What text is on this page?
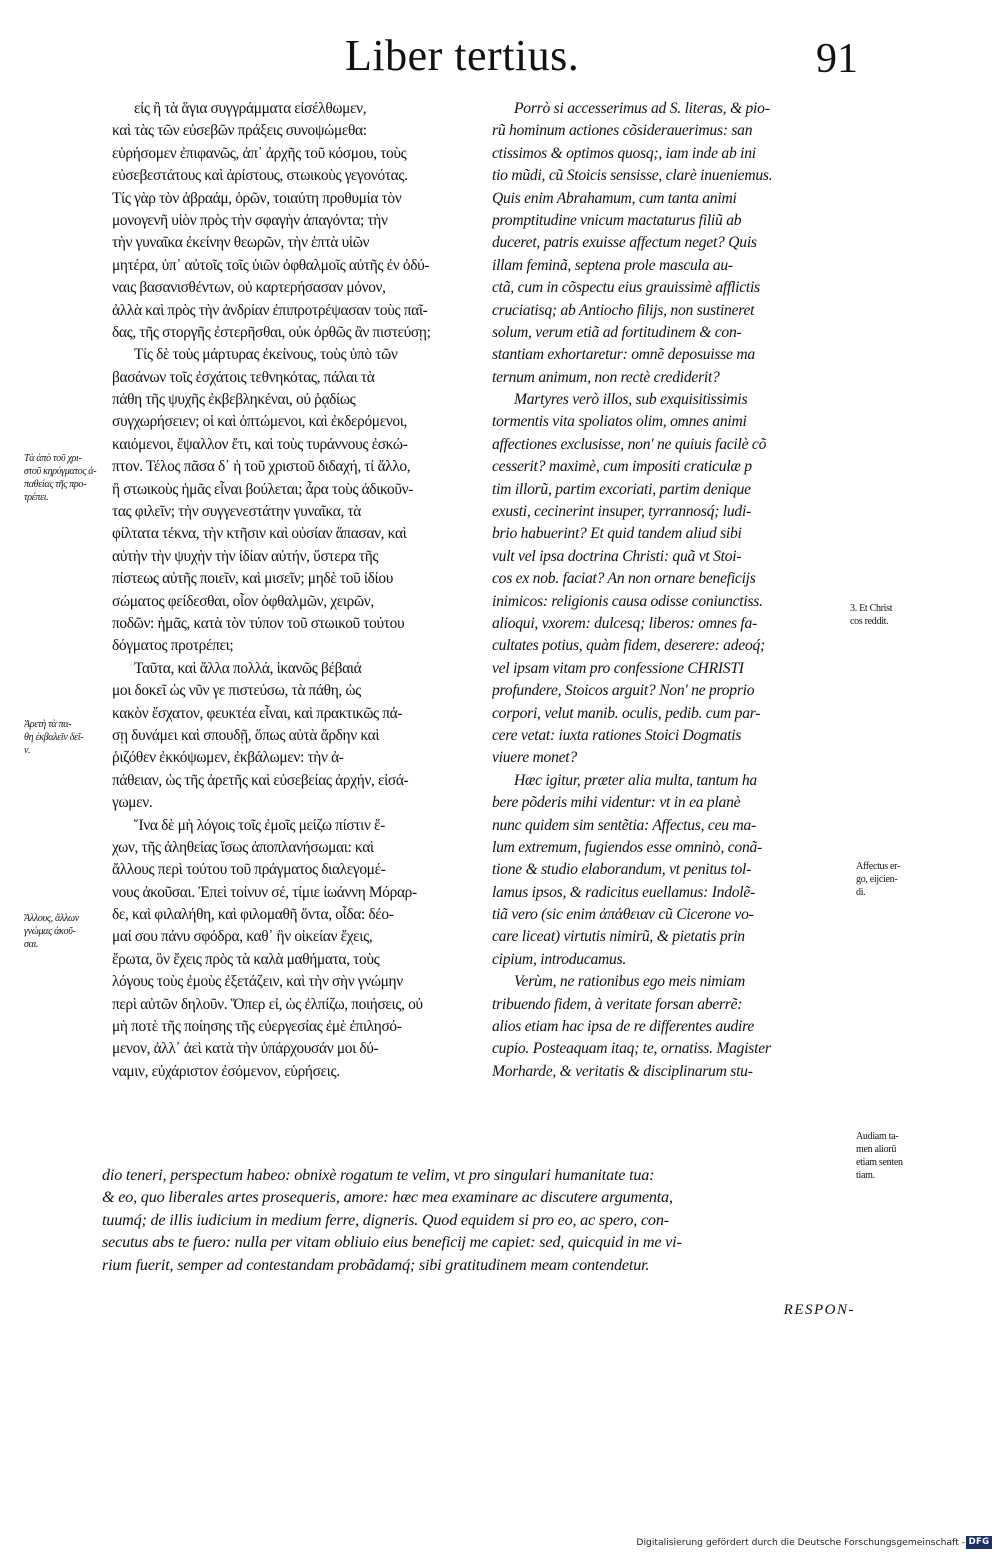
Liber tertius.	91
εἰς ἢ τὰ ἅγια συγγράμματα εἰσέλθωμεν,
καὶ τὰς τῶν εὐσεβῶν πράξεις συνοψώμεθα:
εὑρήσομεν ἐπιφανῶς, ἀπ᾽ ἀρχῆς τοῦ κόσμου, τοὺς
εὐσεβεστάτους καὶ ἀρίστους, στωικοὺς γεγονότας.
Τίς γὰρ τὸν ἀβραάμ, ὁρῶν, τοιαύτη προθυμία τὸν
μονογενῆ υἱὸν πρὸς τὴν σφαγὴν ἀπαγόντα; τὴν
τὴν γυναῖκα ἐκείνην θεωρῶν, τὴν ἑπτὰ υἱῶν
μητέρα, ὑπ᾽ αὐτοῖς τοῖς ὑιῶν ὀφθαλμοῖς αὐτῆς ἐν ὀδύ-
ναις βασανισθέντων, οὐ καρτερήσασαν μόνον,
ἀλλὰ καὶ πρὸς τὴν ἀνδρίαν ἐπιπροτρέψασαν τοὺς παῖ-
δας, τῆς στοργῆς ἐστερῆσθαι, οὐκ ὀρθῶς ἂν πιστεύσῃ;
Τίς δὲ τοὺς μάρτυρας ἐκείνους, τοὺς ὑπὸ τῶν
βασάνων τοῖς ἐσχάτοις τεθνηκότας, πάλαι τὰ
πάθη τῆς ψυχῆς ἐκβεβληκέναι, οὐ ῥᾳδίως
συγχωρήσειεν; οἱ καὶ ὀπτώμενοι, καὶ ἐκδερόμενοι,
καιόμενοι, ἔψαλλον ἔτι, καὶ τοὺς τυράννους ἐσκώ-
πτον. Τέλος πᾶσα δ᾽ ἡ τοῦ χριστοῦ διδαχή, τί ἄλλο,
ἢ στωικοὺς ἡμᾶς εἶναι βούλεται; ἆρα τοὺς ἀδικοῦν-
τας φιλεῖν; τὴν συγγενεστάτην γυναῖκα, τὰ
φίλτατα τέκνα, τὴν κτῆσιν καὶ οὐσίαν ἅπασαν, καὶ
αὐτὴν τὴν ψυχὴν τὴν ἰδίαν αὐτήν, ὕστερα τῆς
πίστεως αὐτῆς ποιεῖν, καὶ μισεῖν; μηδὲ τοῦ ἰδίου
σώματος φείδεσθαι, οἷον ὀφθαλμῶν, χειρῶν,
ποδῶν: ἡμᾶς, κατὰ τὸν τύπον τοῦ στωικοῦ τούτου
δόγματος προτρέπει;
Ταῦτα, καὶ ἄλλα πολλά, ἱκανῶς βέβαιά
μοι δοκεῖ ὡς νῦν γε πιστεύσω, τὰ πάθη, ὡς
κακὸν ἔσχατον, φευκτέα εἶναι, καὶ πρακτικῶς πά-
σῃ δυνάμει καὶ σπουδῇ, ὅπως αὐτὰ ἄρδην καὶ
ῥιζόθεν ἐκκόψωμεν, ἐκβάλωμεν: τὴν ἀ-
πάθειαν, ὡς τῆς ἀρετῆς καὶ εὐσεβείας ἀρχήν, εἰσά-
γωμεν.
Ἵνα δὲ μὴ λόγοις τοῖς ἐμοῖς μείζω πίστιν ἔ-
χων, τῆς ἀληθείας ἴσως ἀποπλανήσωμαι: καὶ
ἄλλους περὶ τούτου τοῦ πράγματος διαλεγομέ-
νους ἀκοῦσαι. Ἐπεὶ τοίνυν σέ, τίμιε ἰωάννη Μόραρ-
δε, καὶ φιλαλήθη, καὶ φιλομαθῆ ὄντα, οἶδα: δέο-
μαί σου πάνυ σφόδρα, καθ᾽ ἣν οἰκείαν ἔχεις,
ἔρωτα, ὃν ἔχεις πρὸς τὰ καλὰ μαθήματα, τοὺς
λόγους τοὺς ἐμοὺς ἐξετάζειν, καὶ τὴν σὴν γνώμην
περὶ αὐτῶν δηλοῦν. Ὅπερ εἰ, ὡς ἐλπίζω, ποιήσεις, οὐ
μὴ ποτὲ τῆς ποίησης τῆς εὐεργεσίας ἐμὲ ἐπιλησό-
μενον, ἀλλ᾽ ἀεὶ κατὰ τὴν ὑπάρχουσάν μοι δύ-
ναμιν, εὐχάριστον ἐσόμενον, εὑρήσεις.
Porrò si accesserimus ad S. literas, & pio-
rũ hominum actiones cõsiderauerimus: san
ctissimos & optimos quosq;, iam inde ab ini
tio mũdi, cũ Stoicis sensisse, clarè inueniemus.
Quis enim Abrahamum, cum tanta animi
promptitudine vnicum mactaturus filiũ ab
duceret, patris exuisse affectum neget? Quis
illam feminã, septena prole mascula au-
ctã, cum in cõspectu eius grauissimè afflictis
cruciatisq; ab Antiocho filijs, non sustineret
solum, verum etiã ad fortitudinem & con-
stantiam exhortaretur: omnẽ deposuisse ma
ternum animum, non rectè crediderit?
Martyres verò illos, sub exquisitissimis
tormentis vita spoliatos olim, omnes animi
affectiones exclusisse, non' ne quiuis facilè cõ
cesserit? maximè, cum impositi craticulæ p
tim illorũ, partim excoriati, partim denique
exusti, cecinerint insuper, tyrrannosq́; ludi-
brio habuerint? Et quid tandem aliud sibi
vult vel ipsa doctrina Christi: quã vt Stoi-
cos ex nob. faciat? An non ornare beneficijs
inimicos: religionis causa odisse coniunctiss.
alioqui, vxorem: dulcesq; liberos: omnes fa-
cultates potius, quàm fidem, deserere: adeoq́;
vel ipsam vitam pro confessione CHRISTI
profundere, Stoicos arguit? Non' ne proprio
corpori, velut manib. oculis, pedib. cum par-
cere vetat: iuxta rationes Stoici Dogmatis
viuere monet?
Hæc igitur, præter alia multa, tantum ha
bere põderis mihi videntur: vt in ea planè
nunc quidem sim sentẽtia: Affectus, ceu ma-
lum extremum, fugiendos esse omninò, conã-
tione & studio elaborandum, vt penitus tol-
lamus ipsos, & radicitus euellamus: Indolẽ-
tiã vero (sic enim ἀπάθειαν cũ Cicerone vo-
care liceat) virtutis nimirũ, & pietatis prin
cipium, introducamus.
Verùm, ne rationibus ego meis nimiam
tribuendo fidem, à veritate forsan aberrẽ:
alios etiam hac ipsa de re differentes audire
cupio. Posteaquam itaq; te, ornatiss. Magister
Morharde, & veritatis & disciplinarum stu-
dio teneri, perspectum habeo: obnixè rogatum te velim, vt pro singulari humanitate tua:
& eo, quo liberales artes prosequeris, amore: hæc mea examinare ac discutere argumenta,
tuumq́; de illis iudicium in medium ferre, digneris. Quod equidem si pro eo, ac spero, con-
secutus abs te fuero: nulla per vitam obliuio eius beneficij me capiet: sed, quicquid in me vi-
rium fuerit, semper ad contestandam probãdamq́; sibi gratitudinem meam contendetur.
RESPON-
Τὰ ἀπὸ τοῦ χρι-
στοῦ κηρύγματος ἀ-
παθείας τῆς προ-
τρέπει.
Ἀρετὴ τὰ πα-
θη ἐκβαλεῖν δεῖ-
ν.
Ἄλλους, ἄλλων
γνώμας ἀκοῦ-
σαι.
3. Et Christ
cos reddit.
Affectus er-
go, eijcien-
di.
Audiam ta-
men aliorũ
etiam senten
tiam.
Digitalisierung gefördert durch die Deutsche Forschungsgemeinschaft - DFG
